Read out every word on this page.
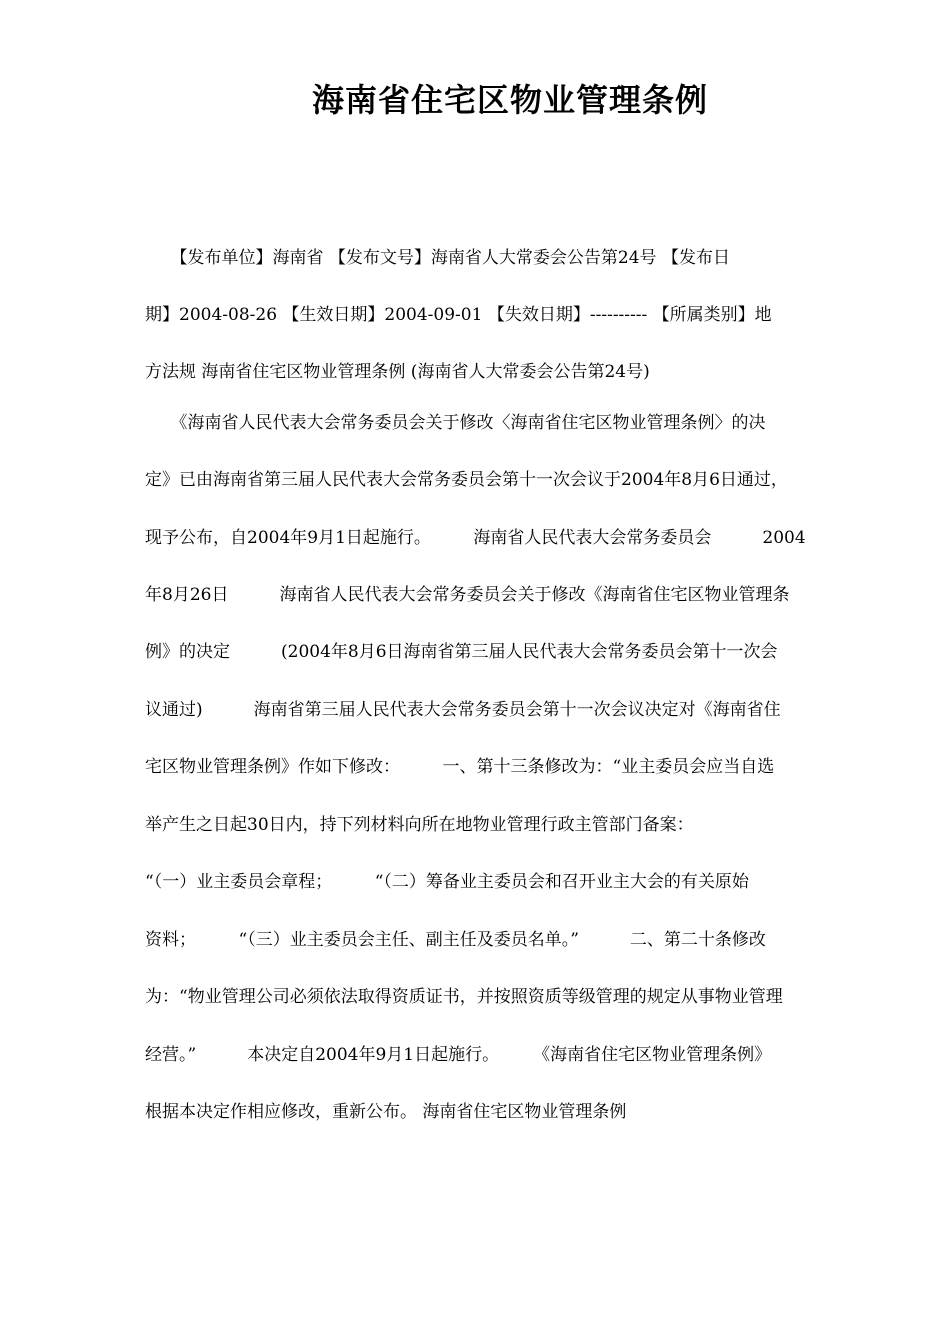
海南省住宅区物业管理条例
　　【发布单位】海南省 【发布文号】海南省人大常委会公告第24号 【发布日
期】2004-08-26 【生效日期】2004-09-01 【失效日期】---------- 【所属类别】地
方法规 海南省住宅区物业管理条例 (海南省人大常委会公告第24号)
　　《海南省人民代表大会常务委员会关于修改〈海南省住宅区物业管理条例〉的决
定》已由海南省第三届人民代表大会常务委员会第十一次会议于2004年8月6日通过，
现予公布，自2004年9月1日起施行。　　　海南省人民代表大会常务委员会　　　2004
年8月26日　　　海南省人民代表大会常务委员会关于修改《海南省住宅区物业管理条
例》的决定　　　(2004年8月6日海南省第三届人民代表大会常务委员会第十一次会
议通过)　　　海南省第三届人民代表大会常务委员会第十一次会议决定对《海南省住
宅区物业管理条例》作如下修改：　　　一、第十三条修改为：“业主委员会应当自选
举产生之日起30日内，持下列材料向所在地物业管理行政主管部门备案：
“（一）业主委员会章程；　　　“（二）筹备业主委员会和召开业主大会的有关原始
资料；　　　“（三）业主委员会主任、副主任及委员名单。”　　　二、第二十条修改
为：“物业管理公司必须依法取得资质证书，并按照资质等级管理的规定从事物业管理
经营。”　　　本决定自2004年9月1日起施行。　　　《海南省住宅区物业管理条例》
根据本决定作相应修改，重新公布。 海南省住宅区物业管理条例
